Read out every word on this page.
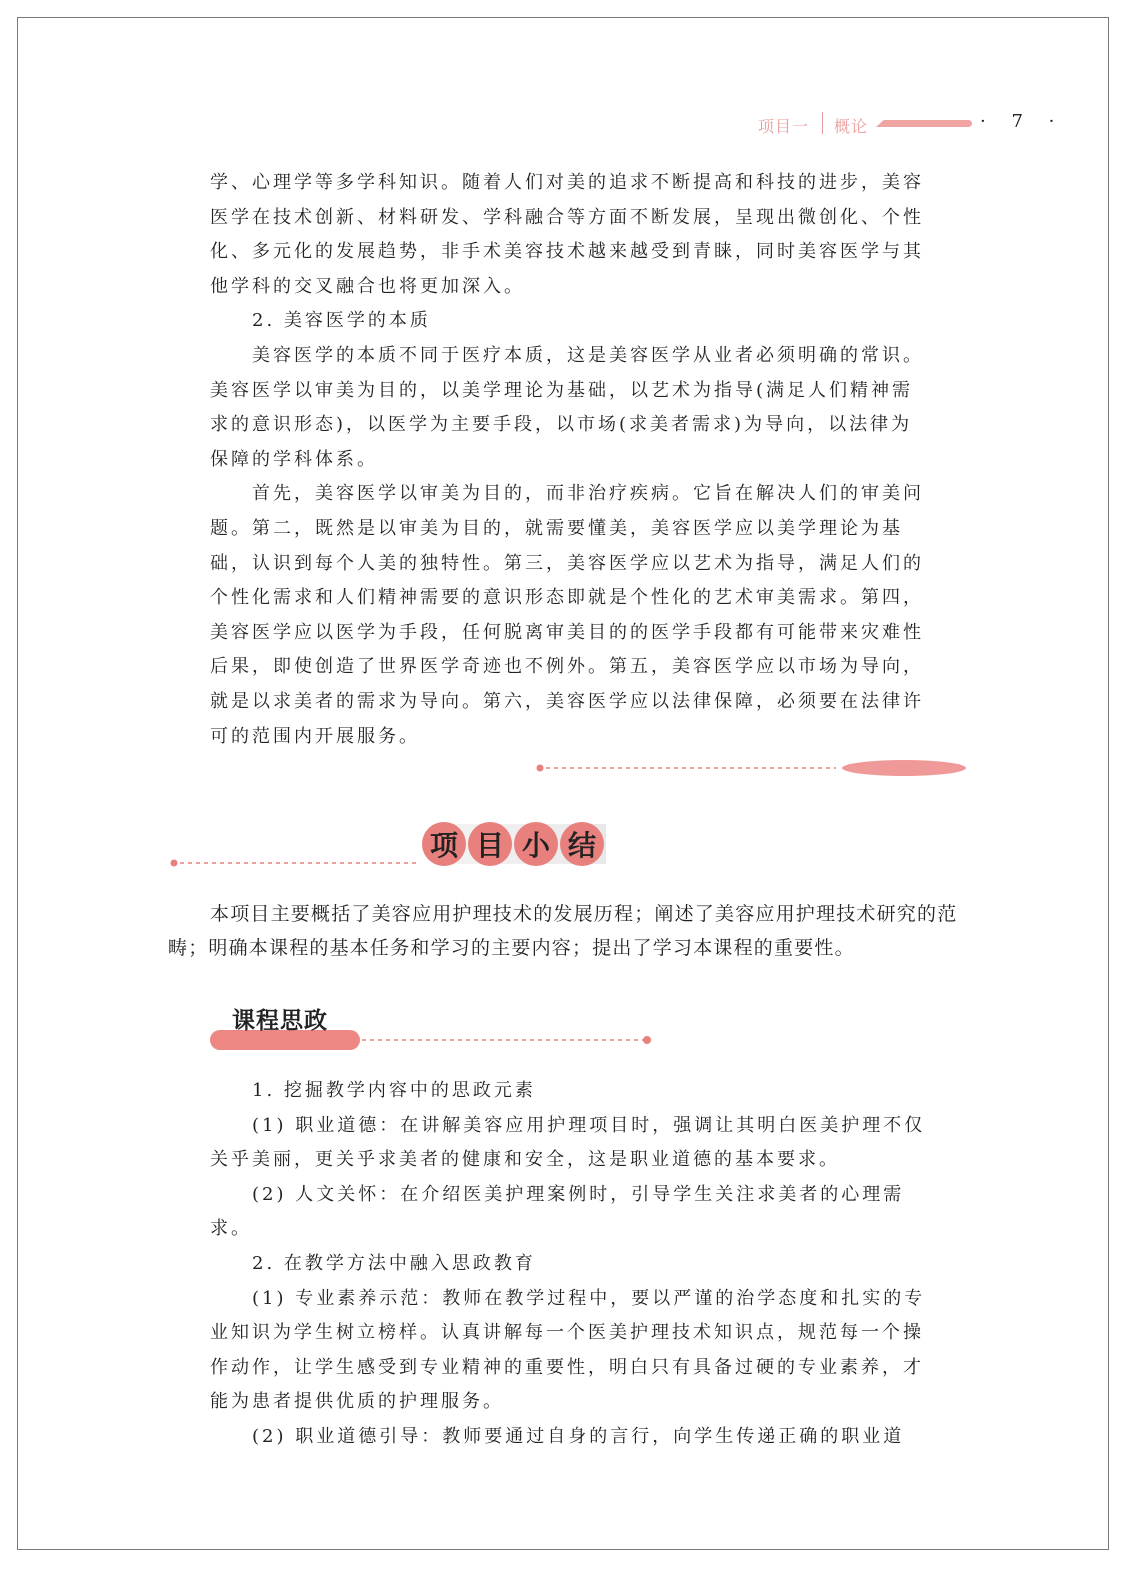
项目一 概论	· 7 ·

学、心理学等多学科知识。随着人们对美的追求不断提高和科技的进步，美容医学在技术创新、材料研发、学科融合等方面不断发展，呈现出微创化、个性化、多元化的发展趋势，非手术美容技术越来越受到青睐，同时美容医学与其他学科的交叉融合也将更加深入。

2. 美容医学的本质

美容医学的本质不同于医疗本质，这是美容医学从业者必须明确的常识。美容医学以审美为目的，以美学理论为基础，以艺术为指导(满足人们精神需求的意识形态)，以医学为主要手段，以市场(求美者需求)为导向，以法律为保障的学科体系。

首先，美容医学以审美为目的，而非治疗疾病。它旨在解决人们的审美问题。第二，既然是以审美为目的，就需要懂美，美容医学应以美学理论为基础，认识到每个人美的独特性。第三，美容医学应以艺术为指导，满足人们的个性化需求和人们精神需要的意识形态即就是个性化的艺术审美需求。第四，美容医学应以医学为手段，任何脱离审美目的的医学手段都有可能带来灾难性后果，即使创造了世界医学奇迹也不例外。第五，美容医学应以市场为导向，就是以求美者的需求为导向。第六，美容医学应以法律保障，必须要在法律许可的范围内开展服务。

项 目 小 结

本项目主要概括了美容应用护理技术的发展历程；阐述了美容应用护理技术研究的范畴；明确本课程的基本任务和学习的主要内容；提出了学习本课程的重要性。

课程思政

1. 挖掘教学内容中的思政元素

(1) 职业道德：在讲解美容应用护理项目时，强调让其明白医美护理不仅关乎美丽，更关乎求美者的健康和安全，这是职业道德的基本要求。

(2) 人文关怀：在介绍医美护理案例时，引导学生关注求美者的心理需求。

2. 在教学方法中融入思政教育

(1) 专业素养示范：教师在教学过程中，要以严谨的治学态度和扎实的专业知识为学生树立榜样。认真讲解每一个医美护理技术知识点，规范每一个操作动作，让学生感受到专业精神的重要性，明白只有具备过硬的专业素养，才能为患者提供优质的护理服务。

(2) 职业道德引导：教师要通过自身的言行，向学生传递正确的职业道
